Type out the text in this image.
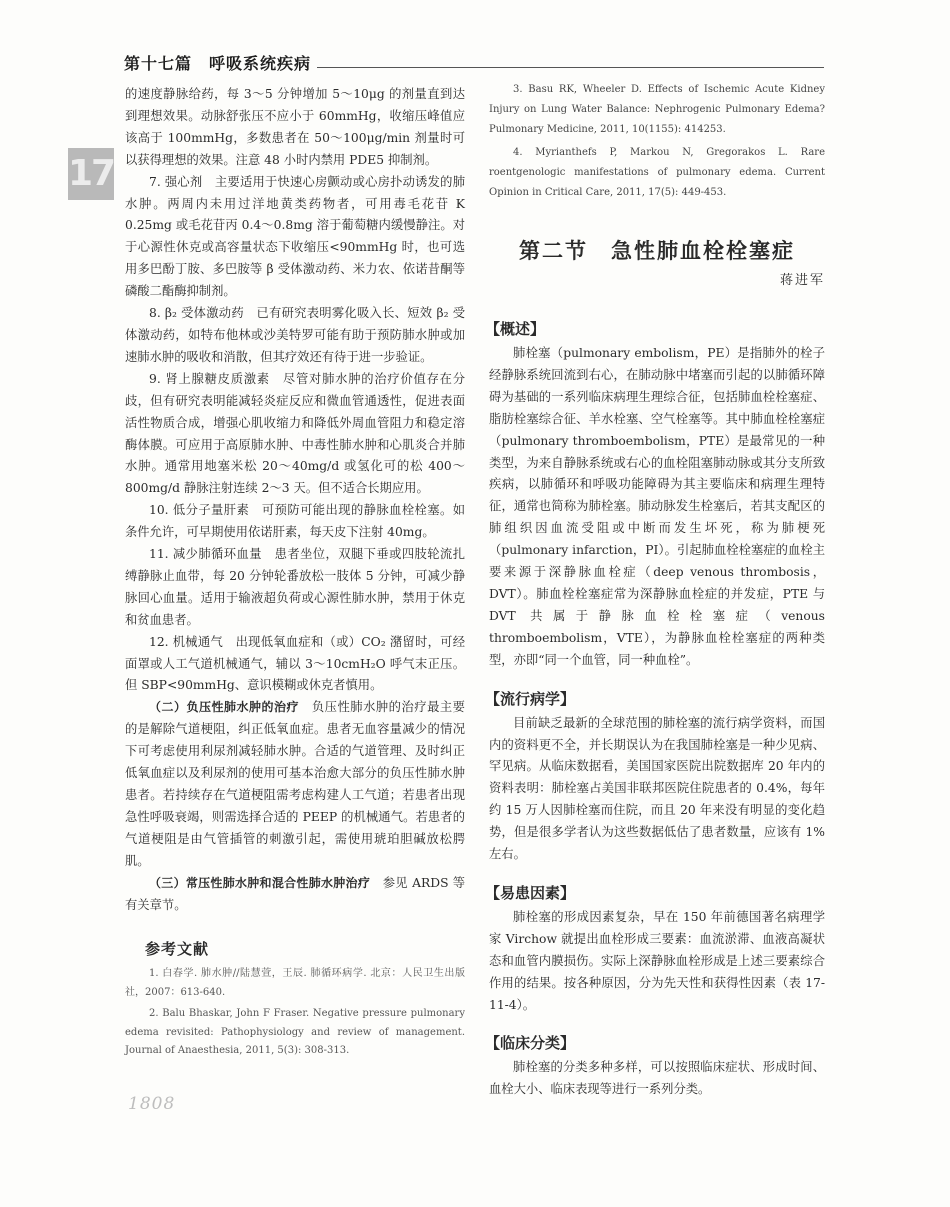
第十七篇　呼吸系统疾病
17

的速度静脉给药，每 3～5 分钟增加 5～10μg 的剂量直到达到理想效果。动脉舒张压不应小于 60mmHg，收缩压峰值应该高于 100mmHg，多数患者在 50～100μg/min 剂量时可以获得理想的效果。注意 48 小时内禁用 PDE5 抑制剂。

7. 强心剂　主要适用于快速心房颤动或心房扑动诱发的肺水肿。两周内未用过洋地黄类药物者，可用毒毛花苷 K 0.25mg 或毛花苷丙 0.4～0.8mg 溶于葡萄糖内缓慢静注。对于心源性休克或高容量状态下收缩压<90mmHg 时，也可选用多巴酚丁胺、多巴胺等 β 受体激动药、米力农、依诺昔酮等磷酸二酯酶抑制剂。

8. β₂ 受体激动药　已有研究表明雾化吸入长、短效 β₂ 受体激动药，如特布他林或沙美特罗可能有助于预防肺水肿或加速肺水肿的吸收和消散，但其疗效还有待于进一步验证。

9. 肾上腺糖皮质激素　尽管对肺水肿的治疗价值存在分歧，但有研究表明能减轻炎症反应和微血管通透性，促进表面活性物质合成，增强心肌收缩力和降低外周血管阻力和稳定溶酶体膜。可应用于高原肺水肿、中毒性肺水肿和心肌炎合并肺水肿。通常用地塞米松 20～40mg/d 或氢化可的松 400～800mg/d 静脉注射连续 2～3 天。但不适合长期应用。

10. 低分子量肝素　可预防可能出现的静脉血栓栓塞。如条件允许，可早期使用依诺肝素，每天皮下注射 40mg。

11. 减少肺循环血量　患者坐位，双腿下垂或四肢轮流扎缚静脉止血带，每 20 分钟轮番放松一肢体 5 分钟，可减少静脉回心血量。适用于输液超负荷或心源性肺水肿，禁用于休克和贫血患者。

12. 机械通气　出现低氧血症和（或）CO₂ 潴留时，可经面罩或人工气道机械通气，辅以 3～10cmH₂O 呼气末正压。但 SBP<90mmHg、意识模糊或休克者慎用。

（二）负压性肺水肿的治疗　 负压性肺水肿的治疗最主要的是解除气道梗阻，纠正低氧血症。患者无血容量减少的情况下可考虑使用利尿剂减轻肺水肿。合适的气道管理、及时纠正低氧血症以及利尿剂的使用可基本治愈大部分的负压性肺水肿患者。若持续存在气道梗阻需考虑构建人工气道；若患者出现急性呼吸衰竭，则需选择合适的 PEEP 的机械通气。若患者的气道梗阻是由气管插管的刺激引起，需使用琥珀胆碱放松腭肌。

（三）常压性肺水肿和混合性肺水肿治疗　 参见 ARDS 等有关章节。

参考文献

1. 白春学. 肺水肿//陆慧萱，王辰. 肺循环病学. 北京：人民卫生出版社，2007：613-640.

2. Balu Bhaskar, John F Fraser. Negative pressure pulmonary edema revisited: Pathophysiology and review of management. Journal of Anaesthesia, 2011, 5(3): 308-313.

3. Basu RK, Wheeler D. Effects of Ischemic Acute Kidney Injury on Lung Water Balance: Nephrogenic Pulmonary Edema? Pulmonary Medicine, 2011, 10(1155): 414253.

4. Myrianthefs P, Markou N, Gregorakos L. Rare roentgenologic manifestations of pulmonary edema. Current Opinion in Critical Care, 2011, 17(5): 449-453.

第二节　急性肺血栓栓塞症
蒋进军
【概述】

肺栓塞（pulmonary embolism，PE）是指肺外的栓子经静脉系统回流到右心，在肺动脉中堵塞而引起的以肺循环障碍为基础的一系列临床病理生理综合征，包括肺血栓栓塞症、脂肪栓塞综合征、羊水栓塞、空气栓塞等。其中肺血栓栓塞症（pulmonary thromboembolism，PTE）是最常见的一种类型，为来自静脉系统或右心的血栓阻塞肺动脉或其分支所致疾病，以肺循环和呼吸功能障碍为其主要临床和病理生理特征，通常也简称为肺栓塞。肺动脉发生栓塞后，若其支配区的肺组织因血流受阻或中断而发生坏死，称为肺梗死（pulmonary infarction，PI）。引起肺血栓栓塞症的血栓主要来源于深静脉血栓症（deep venous thrombosis，DVT）。肺血栓栓塞症常为深静脉血栓症的并发症，PTE 与 DVT 共属于静脉血栓栓塞症（venous thromboembolism，VTE），为静脉血栓栓塞症的两种类型，亦即“同一个血管，同一种血栓”。

【流行病学】

目前缺乏最新的全球范围的肺栓塞的流行病学资料，而国内的资料更不全，并长期误认为在我国肺栓塞是一种少见病、罕见病。从临床数据看，美国国家医院出院数据库 20 年内的资料表明：肺栓塞占美国非联邦医院住院患者的 0.4%，每年约 15 万人因肺栓塞而住院，而且 20 年来没有明显的变化趋势，但是很多学者认为这些数据低估了患者数量，应该有 1%左右。

【易患因素】

肺栓塞的形成因素复杂，早在 150 年前德国著名病理学家 Virchow 就提出血栓形成三要素：血流淤滞、血液高凝状态和血管内膜损伤。实际上深静脉血栓形成是上述三要素综合作用的结果。按各种原因，分为先天性和获得性因素（表 17-11-4）。

【临床分类】

肺栓塞的分类多种多样，可以按照临床症状、形成时间、血栓大小、临床表现等进行一系列分类。

1808
